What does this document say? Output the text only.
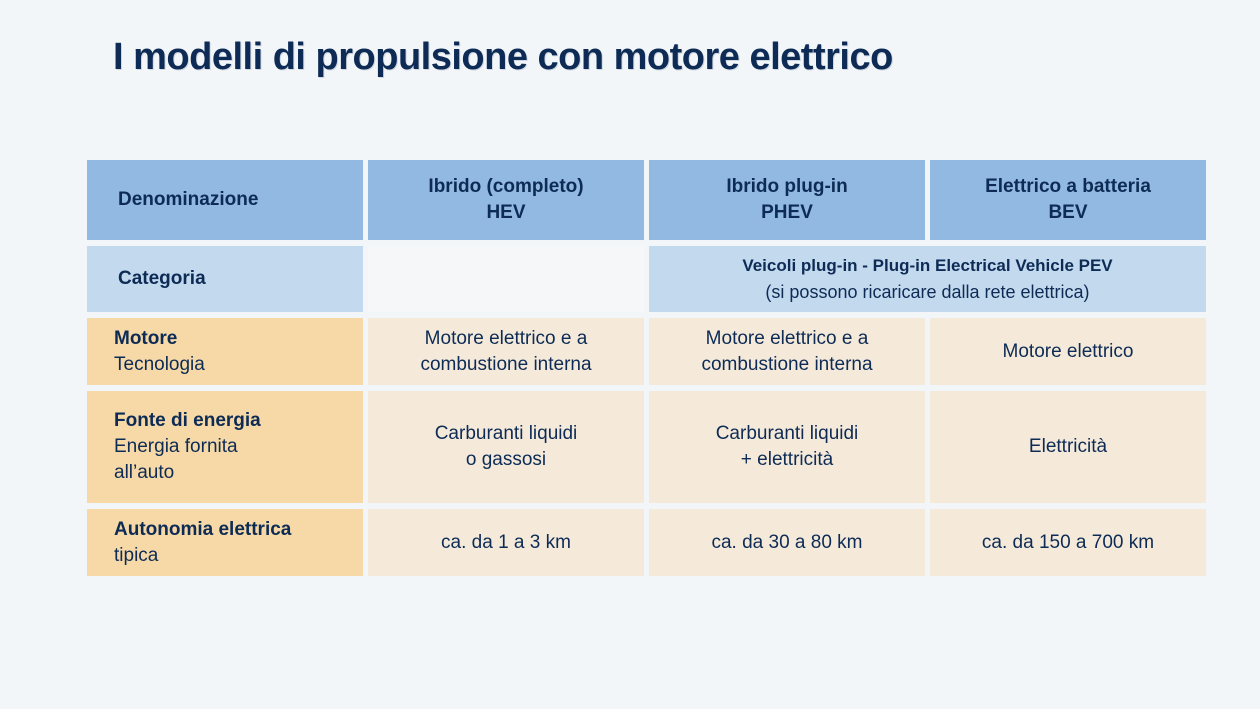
I modelli di propulsione con motore elettrico
Denominazione
Ibrido (completo)
HEV
Ibrido plug-in
PHEV
Elettrico a batteria
BEV
Categoria
Veicoli plug-in - Plug-in Electrical Vehicle PEV
(si possono ricaricare dalla rete elettrica)
Motore
Tecnologia
Motore elettrico e a
combustione interna
Motore elettrico e a
combustione interna
Motore elettrico
Fonte di energia
Energia fornita
all’auto
Carburanti liquidi
o gassosi
Carburanti liquidi
+ elettricità
Elettricità
Autonomia elettrica
tipica
ca. da 1 a 3 km	ca. da 30 a 80 km	ca. da 150 a 700 km
